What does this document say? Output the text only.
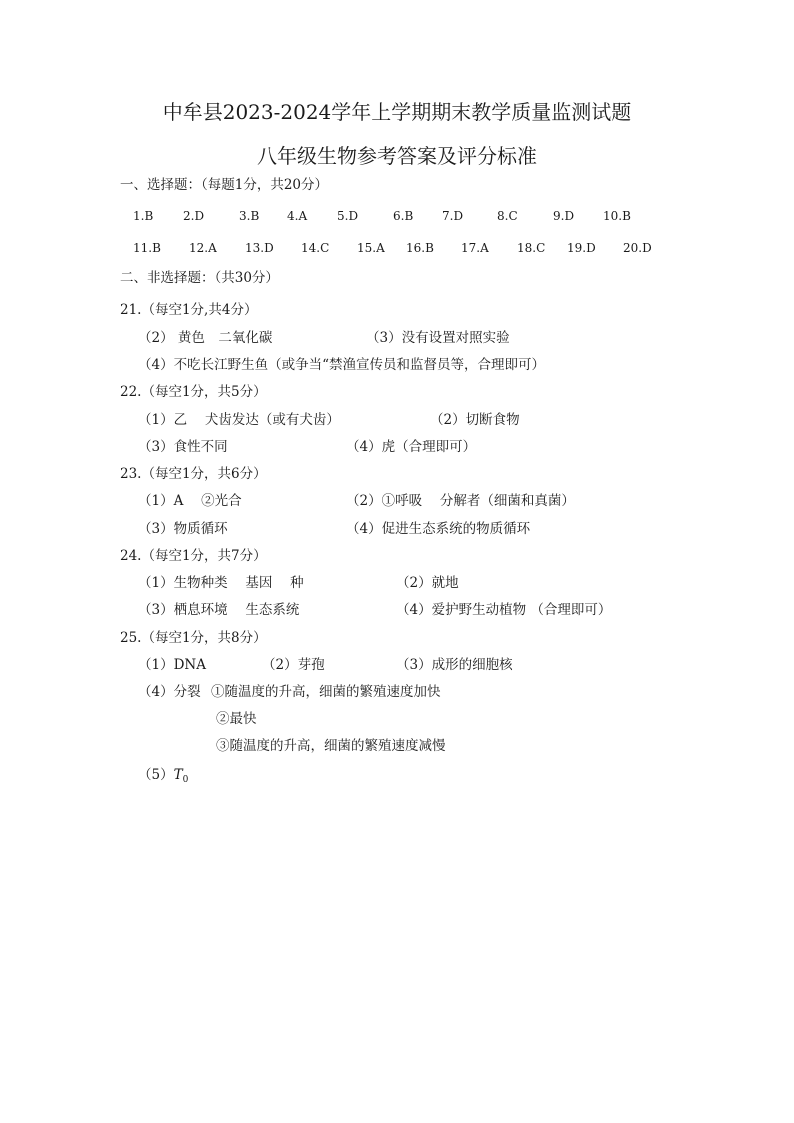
中牟县2023-2024学年上学期期末教学质量监测试题
八年级生物参考答案及评分标准
一、选择题：（每题1分，共20分）
1.B 2.D	3.B 4.A 5.D	6.B 7.D	8.C	9.D 10.B
11.B 12.A 13.D 14.C 15.A 16.B 17.A 18.C 19.D 20.D
二、非选择题：（共30分）
21.（每空1分,共4分）
（2） 黄色　二氧化碳	（3）没有设置对照实验
（4）不吃长江野生鱼（或争当“禁渔宣传员和监督员等，合理即可）
22.（每空1分，共5分）
（1）乙　 犬齿发达（或有犬齿）	（2）切断食物
（3）食性不同	（4）虎（合理即可）
23.（每空1分，共6分）
（1）A　 ②光合	（2）①呼吸　 分解者（细菌和真菌）
（3）物质循环	（4）促进生态系统的物质循环
24.（每空1分，共7分）
（1）生物种类　 基因　 种	（2）就地
（3）栖息环境　 生态系统	（4）爱护野生动植物 （合理即可）
25.（每空1分，共8分）
（1）DNA	（2）芽孢	（3）成形的细胞核
（4）分裂 ①随温度的升高，细菌的繁殖速度加快
②最快
③随温度的升高，细菌的繁殖速度减慢
$(5)T_0$
